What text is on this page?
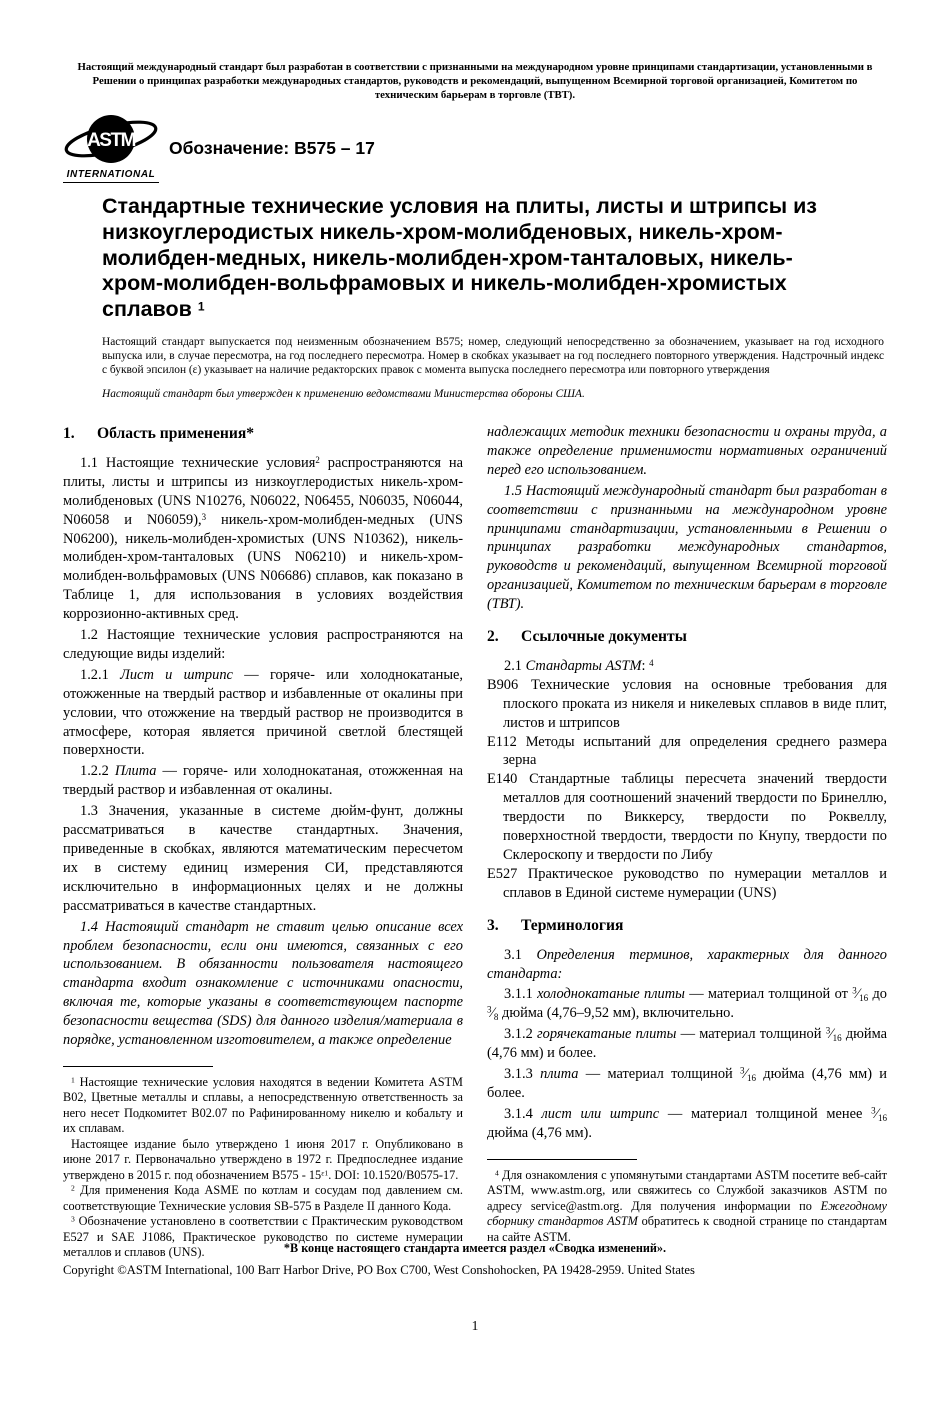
Настоящий международный стандарт был разработан в соответствии с признанными на международном уровне принципами стандартизации, установленными в Решении о принципах разработки международных стандартов, руководств и рекомендаций, выпущенном Всемирной торговой организацией, Комитетом по техническим барьерам в торговле (ТВТ).
ASTM
INTERNATIONAL
Обозначение: B575 – 17
Стандартные технические условия на плиты, листы и штрипсы из низкоуглеродистых никель-хром-молибденовых, никель-хром-молибден-медных, никель-молибден-хром-танталовых, никель-хром-молибден-вольфрамовых и никель-молибден-хромистых сплавов $^1$

Настоящий стандарт выпускается под неизменным обозначением B575; номер, следующий непосредственно за обозначением, указывает на год исходного выпуска или, в случае пересмотра, на год последнего пересмотра. Номер в скобках указывает на год последнего повторного утверждения. Надстрочный индекс с буквой эпсилон (ε) указывает на наличие редакторских правок с момента выпуска последнего пересмотра или повторного утверждения

Настоящий стандарт был утвержден к применению ведомствами Министерства обороны США.

1.	Область применения*

1.1 Настоящие технические условия$^2$ распространяются на плиты, листы и штрипсы из низкоуглеродистых никель-хром-молибденовых (UNS N10276, N06022, N06455, N06035, N06044, N06058 и N06059),$^3$ никель-хром-молибден-медных (UNS N06200), никель-молибден-хромистых (UNS N10362), никель-молибден-хром-танталовых (UNS N06210) и никель-хром-молибден-вольфрамовых (UNS N06686) сплавов, как показано в Таблице 1, для использования в условиях воздействия коррозионно-активных сред.

1.2 Настоящие технические условия распространяются на следующие виды изделий:

1.2.1 Лист и штрипс — горяче- или холоднокатаные, отожженные на твердый раствор и избавленные от окалины при условии, что отожжение на твердый раствор не производится в атмосфере, которая является причиной светлой блестящей поверхности.

1.2.2 Плита — горяче- или холоднокатаная, отожженная на твердый раствор и избавленная от окалины.

1.3 Значения, указанные в системе дюйм-фунт, должны рассматриваться в качестве стандартных. Значения, приведенные в скобках, являются математическим пересчетом их в систему единиц измерения СИ, представляются исключительно в информационных целях и не должны рассматриваться в качестве стандартных.

1.4 Настоящий стандарт не ставит целью описание всех проблем безопасности, если они имеются, связанных с его использованием. В обязанности пользователя настоящего стандарта входит ознакомление с источниками опасности, включая те, которые указаны в соответствующем паспорте безопасности вещества (SDS) для данного изделия/материала в порядке, установленном изготовителем, а также определение

$^1$ Настоящие технические условия находятся в ведении Комитета ASTM B02, Цветные металлы и сплавы, а непосредственную ответственность за него несет Подкомитет B02.07 по Рафинированному никелю и кобальту и их сплавам.

Настоящее издание было утверждено 1 июня 2017 г. Опубликовано в июне 2017 г. Первоначально утверждено в 1972 г. Предпоследнее издание утверждено в 2015 г. под обозначением $B575 - 15^{\varepsilon 1}$. DOI: 10.1520/B0575-17.

$^2$ Для применения Кода ASME по котлам и сосудам под давлением см. соответствующие Технические условия SB-575 в Разделе II данного Кода.

$^3$ Обозначение установлено в соответствии с Практическим руководством E527 и SAE J1086, Практическое руководство по системе нумерации металлов и сплавов (UNS).

надлежащих методик техники безопасности и охраны труда, а также определение применимости нормативных ограничений перед его использованием.

1.5 Настоящий международный стандарт был разработан в соответствии с признанными на международном уровне принципами стандартизации, установленными в Решении о принципах разработки международных стандартов, руководств и рекомендаций, выпущенном Всемирной торговой организацией, Комитетом по техническим барьерам в торговле (ТВТ).

2.	Ссылочные документы

2.1 Стандарты ASTM: $^4$

B906 Технические условия на основные требования для плоского проката из никеля и никелевых сплавов в виде плит, листов и штрипсов

E112 Методы испытаний для определения среднего размера зерна

E140 Стандартные таблицы пересчета значений твердости металлов для соотношений значений твердости по Бринеллю, твердости по Виккерсу, твердости по Роквеллу, поверхностной твердости, твердости по Кнупу, твердости по Склероскопу и твердости по Либу

E527 Практическое руководство по нумерации металлов и сплавов в Единой системе нумерации (UNS)

3.	Терминология

3.1 Определения терминов, характерных для данного стандарта:

3.1.1 холоднокатаные плиты — материал толщиной от $^3⁄_{16}$ до $^3⁄_8$ дюйма (4,76–9,52 мм), включительно.

3.1.2 горячекатаные плиты — материал толщиной $^3⁄_{16}$ дюйма (4,76 мм) и более.

3.1.3 плита — материал толщиной $^3⁄_{16}$ дюйма (4,76 мм) и более.

3.1.4 лист или штрипс — материал толщиной менее $^3⁄_{16}$ дюйма (4,76 мм).

$^4$ Для ознакомления с упомянутыми стандартами ASTM посетите веб-сайт ASTM, www.astm.org, или свяжитесь со Службой заказчиков ASTM по адресу service@astm.org. Для получения информации по Ежегодному сборнику стандартов ASTM обратитесь к сводной странице по стандартам на сайте ASTM.

*В конце настоящего стандарта имеется раздел «Сводка изменений».
Copyright ©ASTM International, 100 Barr Harbor Drive, PO Box C700, West Conshohocken, PA 19428-2959. United States
1
